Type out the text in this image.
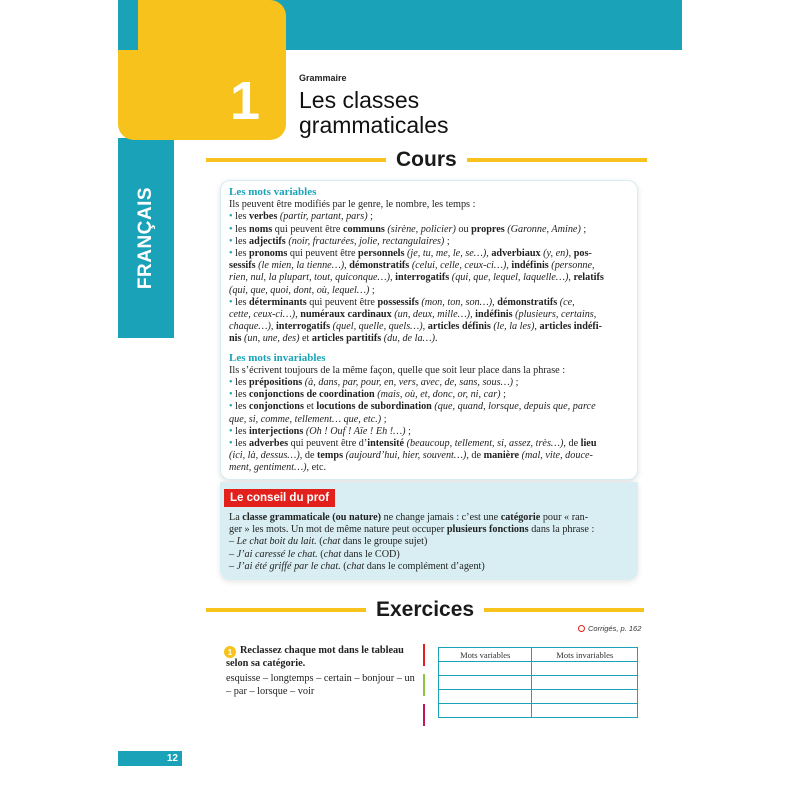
FRANÇAIS
1	Grammaire
Les classes
grammaticales
Cours
Les mots variables
Ils peuvent être modifiés par le genre, le nombre, les temps :
• les verbes (partir, partant, pars) ;
• les noms qui peuvent être communs (sirène, policier) ou propres (Garonne, Amine) ;
• les adjectifs (noir, fracturées, jolie, rectangulaires) ;
• les pronoms qui peuvent être personnels (je, tu, me, le, se…), adverbiaux (y, en), pos-
sessifs (le mien, la tienne…), démonstratifs (celui, celle, ceux-ci…), indéfinis (personne,
rien, nul, la plupart, tout, quiconque…), interrogatifs (qui, que, lequel, laquelle…), relatifs
(qui, que, quoi, dont, où, lequel…) ;
• les déterminants qui peuvent être possessifs (mon, ton, son…), démonstratifs (ce,
cette, ceux-ci…), numéraux cardinaux (un, deux, mille…), indéfinis (plusieurs, certains,
chaque…), interrogatifs (quel, quelle, quels…), articles définis (le, la les), articles indéfi-
nis (un, une, des) et articles partitifs (du, de la…).
Les mots invariables
Ils s’écrivent toujours de la même façon, quelle que soit leur place dans la phrase :
• les prépositions (à, dans, par, pour, en, vers, avec, de, sans, sous…) ;
• les conjonctions de coordination (mais, où, et, donc, or, ni, car) ;
• les conjonctions et locutions de subordination (que, quand, lorsque, depuis que, parce
que, si, comme, tellement… que, etc.) ;
• les interjections (Oh ! Ouf ! Aïe ! Eh !…) ;
• les adverbes qui peuvent être d’intensité (beaucoup, tellement, si, assez, très…), de lieu
(ici, là, dessus…), de temps (aujourd’hui, hier, souvent…), de manière (mal, vite, douce-
ment, gentiment…), etc.
Le conseil du prof
La classe grammaticale (ou nature) ne change jamais : c’est une catégorie pour « ran-
ger » les mots. Un mot de même nature peut occuper plusieurs fonctions dans la phrase :
– Le chat boit du lait. (chat dans le groupe sujet)
– J’ai caressé le chat. (chat dans le COD)
– J’ai été griffé par le chat. (chat dans le complément d’agent)
Exercices
Corrigés, p. 162
1 Reclassez chaque mot dans le tableau selon sa catégorie.
esquisse – longtemps – certain – bonjour – un – par – lorsque – voir
Mots variables	Mots invariables

12
